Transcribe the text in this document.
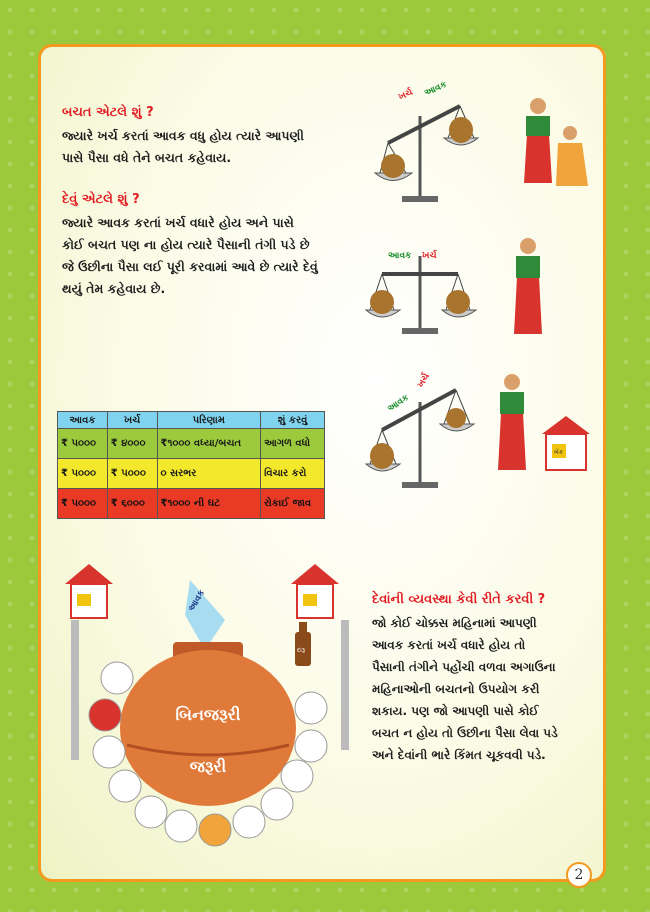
બચત એટલે શું ?
જ્યારે ખર્ચ કરતાં આવક વધુ હોય ત્યારે આપણી
પાસે પૈસા વધે તેને બચત કહેવાય.
દેવું એટલે શું ?
જ્યારે આવક કરતાં ખર્ચ વધારે હોય અને પાસે
કોઈ બચત પણ ના હોય ત્યારે પૈસાની તંગી પડે છે
જે ઉછીના પૈસા લઈ પૂરી કરવામાં આવે છે ત્યારે દેવું
થયું તેમ કહેવાય છે.
ખર્ચ આવક
આવક ખર્ચ
આવક
ખર્ચ
બેંક
આવક	ખર્ચ	પરિણામ	શું કરવું
₹ ૫૦૦૦	₹ ૪૦૦૦	₹૧૦૦૦ વધ્યા/બચત	આગળ વધો
₹ ૫૦૦૦	₹ ૫૦૦૦	૦ સરભર	વિચાર કરો
₹ ૫૦૦૦	₹ ૬૦૦૦	₹૧૦૦૦ ની ઘટ	રોકાઈ જાવ
આવક
બિનજરૂરી
જરૂરી
દારૂ
દેવાંની વ્યવસ્થા કેવી રીતે કરવી ?
જો કોઈ ચોક્કસ મહિનામાં આપણી
આવક કરતાં ખર્ચ વધારે હોય તો
પૈસાની તંગીને પહોંચી વળવા અગાઉના
મહિનાઓની બચતનો ઉપયોગ કરી
શકાય. પણ જો આપણી પાસે કોઈ
બચત ન હોય તો ઉછીના પૈસા લેવા પડે
અને દેવાંની ભારે કિંમત ચૂકવવી પડે.
2
